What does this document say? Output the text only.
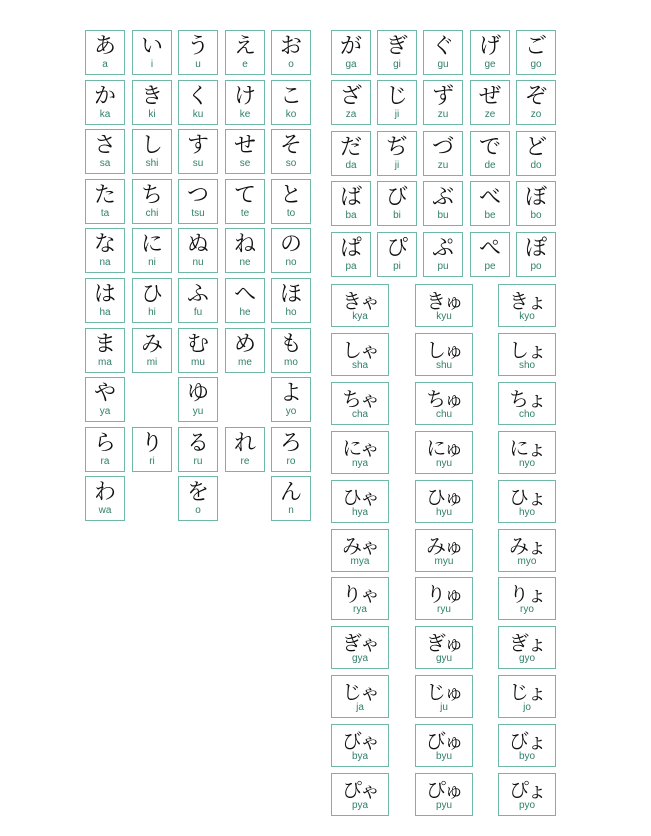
あ
a
い
i
う
u
え
e
お
o
か
ka
き
ki
く
ku
け
ke
こ
ko
さ
sa
し
shi
す
su
せ
se
そ
so
た
ta
ち
chi
つ
tsu
て
te
と
to
な
na
に
ni
ぬ
nu
ね
ne
の
no
は
ha
ひ
hi
ふ
fu
へ
he
ほ
ho
ま
ma
み
mi
む
mu
め
me
も
mo
や
ya
ゆ
yu
よ
yo
ら
ra
り
ri
る
ru
れ
re
ろ
ro
わ
wa
を
o
ん
n
が
ga
ぎ
gi
ぐ
gu
げ
ge
ご
go
ざ
za
じ
ji
ず
zu
ぜ
ze
ぞ
zo
だ
da
ぢ
ji
づ
zu
で
de
ど
do
ば
ba
び
bi
ぶ
bu
べ
be
ぼ
bo
ぱ
pa
ぴ
pi
ぷ
pu
ぺ
pe
ぽ
po
きゃ
kya
きゅ
kyu
きょ
kyo
しゃ
sha
しゅ
shu
しょ
sho
ちゃ
cha
ちゅ
chu
ちょ
cho
にゃ
nya
にゅ
nyu
にょ
nyo
ひゃ
hya
ひゅ
hyu
ひょ
hyo
みゃ
mya
みゅ
myu
みょ
myo
りゃ
rya
りゅ
ryu
りょ
ryo
ぎゃ
gya
ぎゅ
gyu
ぎょ
gyo
じゃ
ja
じゅ
ju
じょ
jo
びゃ
bya
びゅ
byu
びょ
byo
ぴゃ
pya
ぴゅ
pyu
ぴょ
pyo
